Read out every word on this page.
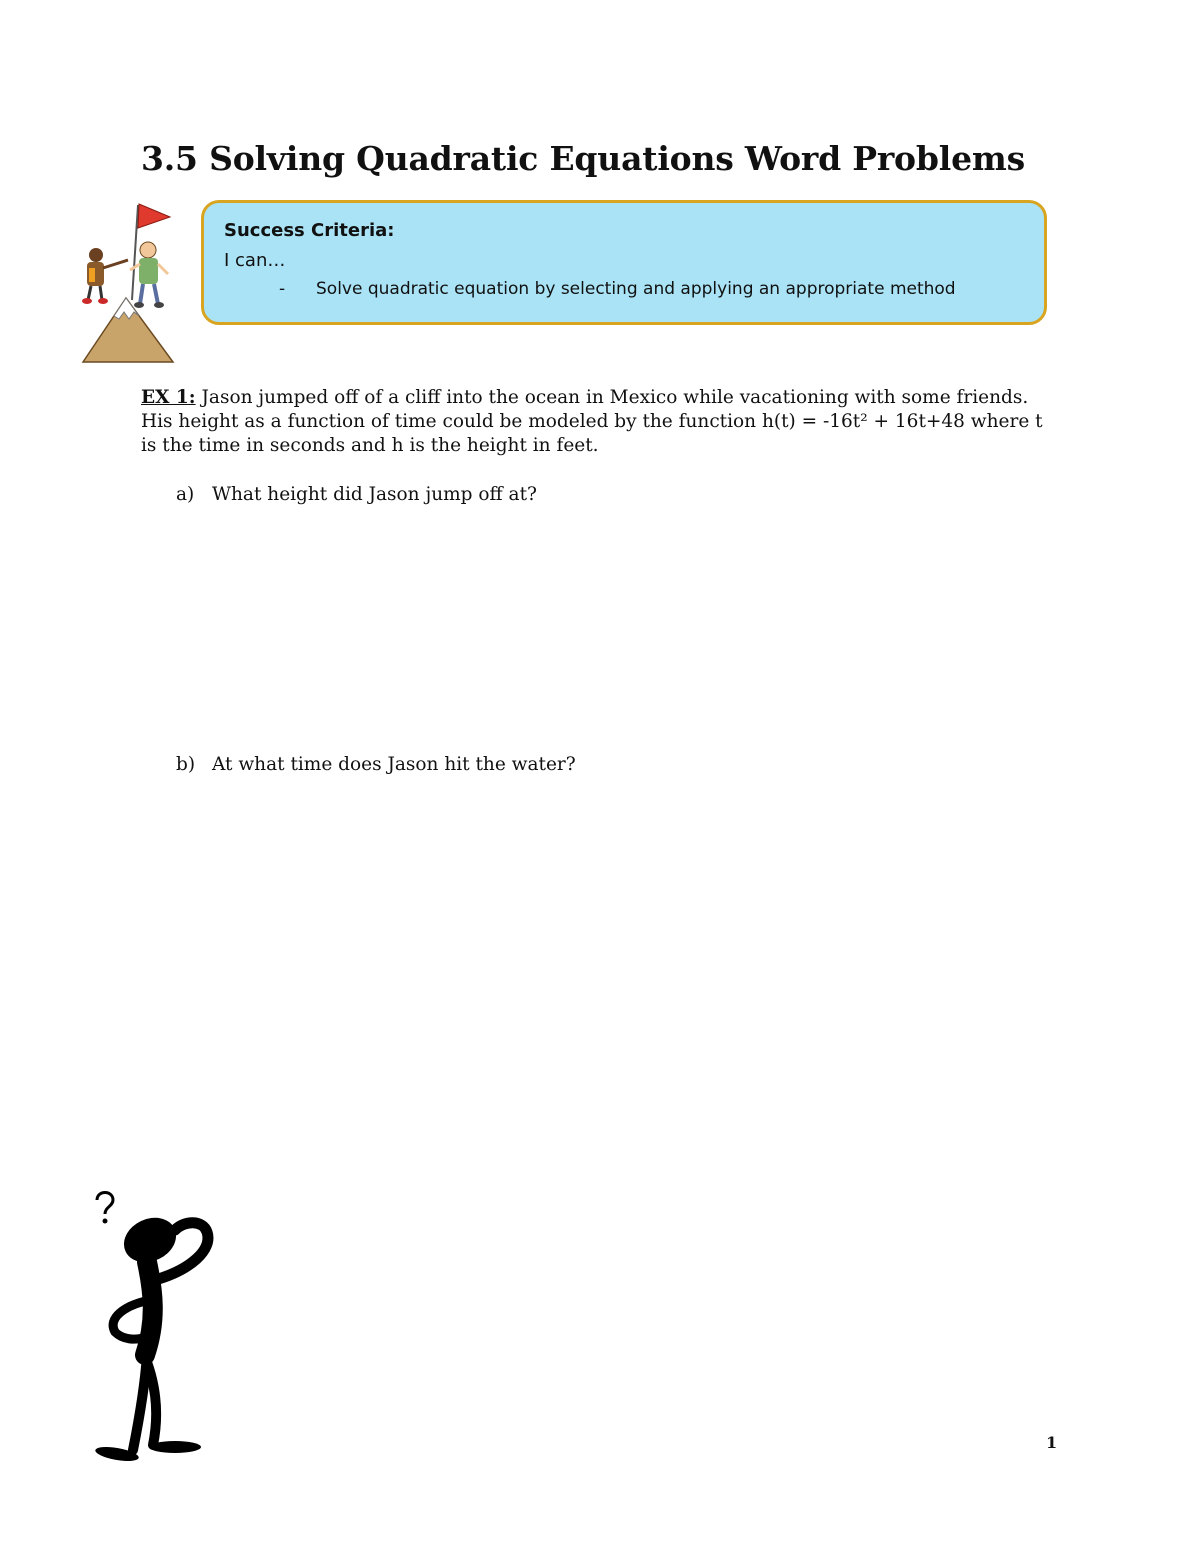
3.5 Solving Quadratic Equations Word Problems
Success Criteria:
I can…
- Solve quadratic equation by selecting and applying an appropriate method

EX 1: Jason jumped off of a cliff into the ocean in Mexico while vacationing with some friends. His height as a function of time could be modeled by the function h(t) = -16t² + 16t+48 where t is the time in seconds and h is the height in feet.

a) What height did Jason jump off at?
b) At what time does Jason hit the water?
1
